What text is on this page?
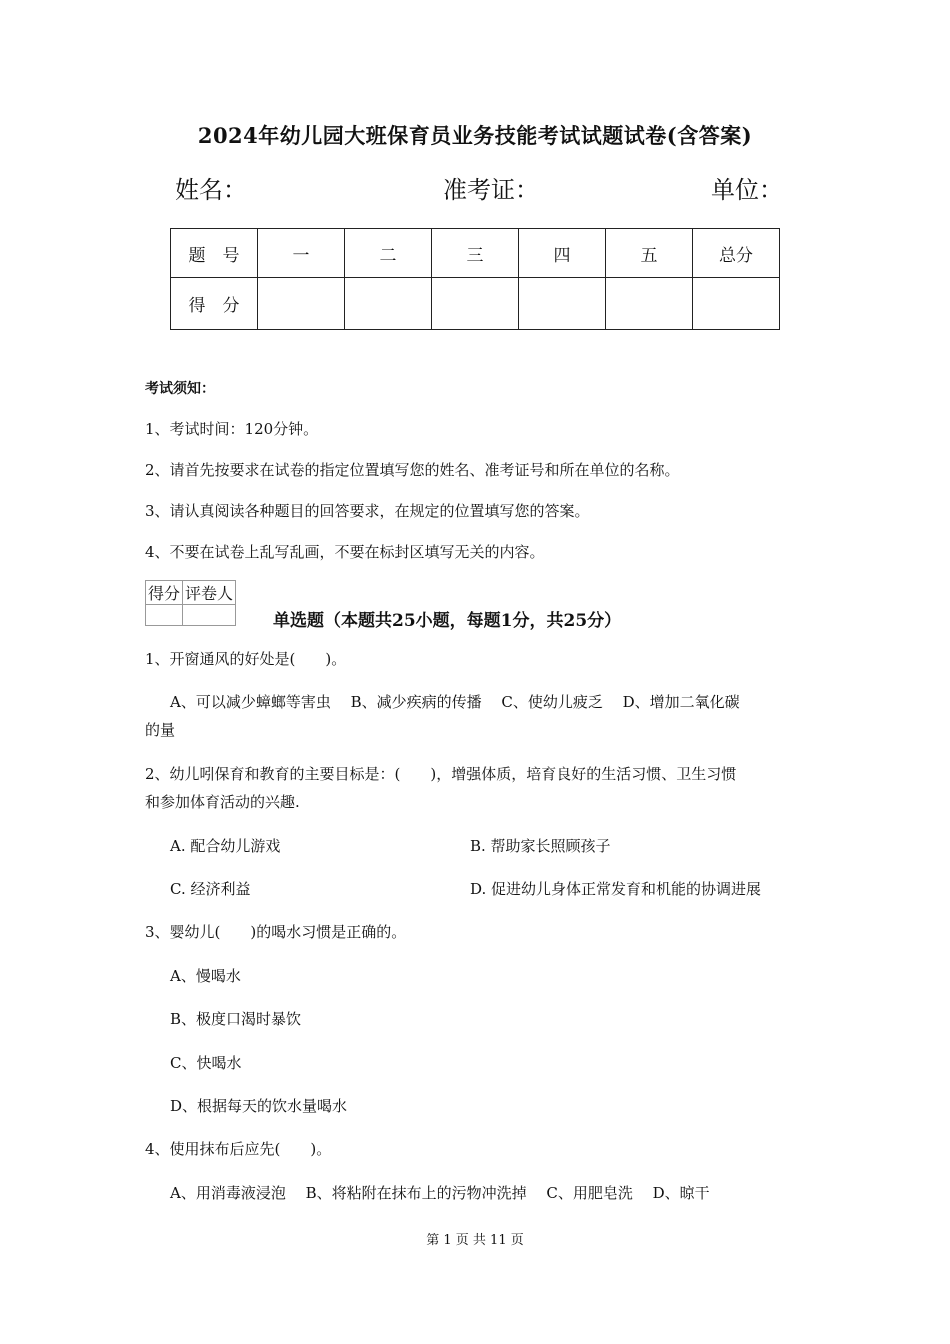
2024年幼儿园大班保育员业务技能考试试题试卷(含答案)
姓名：	准考证：	单位：
题　号	一	二	三	四	五	总分
得　分						
考试须知：
1、考试时间：120分钟。
2、请首先按要求在试卷的指定位置填写您的姓名、准考证号和所在单位的名称。
3、请认真阅读各种题目的回答要求，在规定的位置填写您的答案。
4、不要在试卷上乱写乱画，不要在标封区填写无关的内容。
得分	评卷人

单选题（本题共25小题，每题1分，共25分）
1、开窗通风的好处是(　　)。
A、可以减少蟑螂等害虫　 B、减少疾病的传播　 C、使幼儿疲乏　 D、增加二氧化碳
的量
2、幼儿吲保育和教育的主要目标是：(　　)，增强体质，培育良好的生活习惯、卫生习惯
和参加体育活动的兴趣.
A. 配合幼儿游戏	B. 帮助家长照顾孩子
C. 经济利益	D. 促进幼儿身体正常发育和机能的协调进展
3、婴幼儿(　　)的喝水习惯是正确的。
A、慢喝水
B、极度口渴时暴饮
C、快喝水
D、根据每天的饮水量喝水
4、使用抹布后应先(　　)。
A、用消毒液浸泡　 B、将粘附在抹布上的污物冲洗掉　 C、用肥皂洗　 D、晾干
第 1 页 共 11 页
